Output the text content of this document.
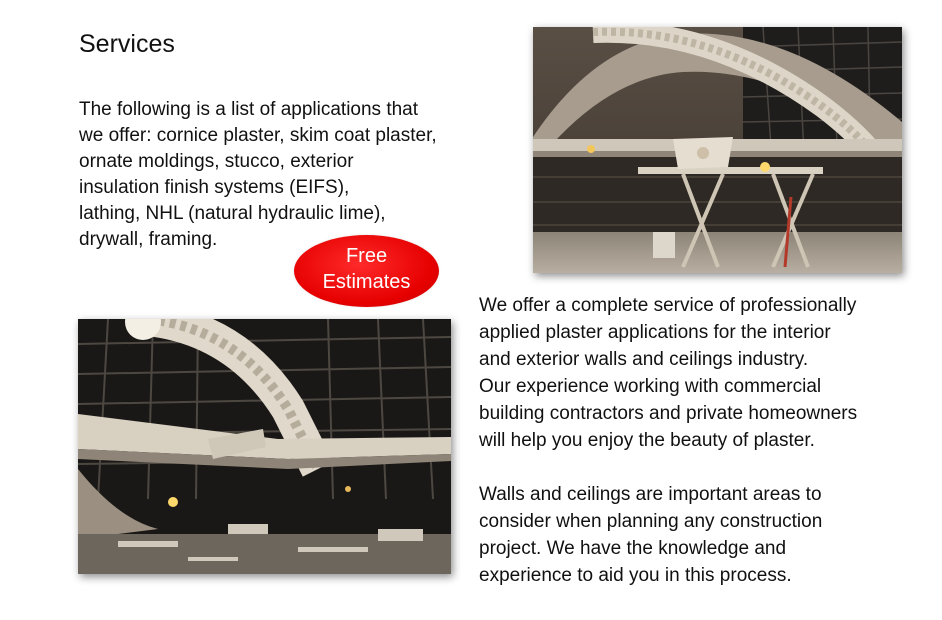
Services
The following is a list of applications that
we offer: cornice plaster, skim coat plaster,
ornate moldings, stucco, exterior
insulation finish systems (EIFS),
lathing, NHL (natural hydraulic lime),
drywall, framing.
Free
Estimates
We offer a complete service of professionally
applied plaster applications for the interior
and exterior walls and ceilings industry.
Our experience working with commercial
building contractors and private homeowners
will help you enjoy the beauty of plaster.
Walls and ceilings are important areas to
consider when planning any construction
project. We have the knowledge and
experience to aid you in this process.
